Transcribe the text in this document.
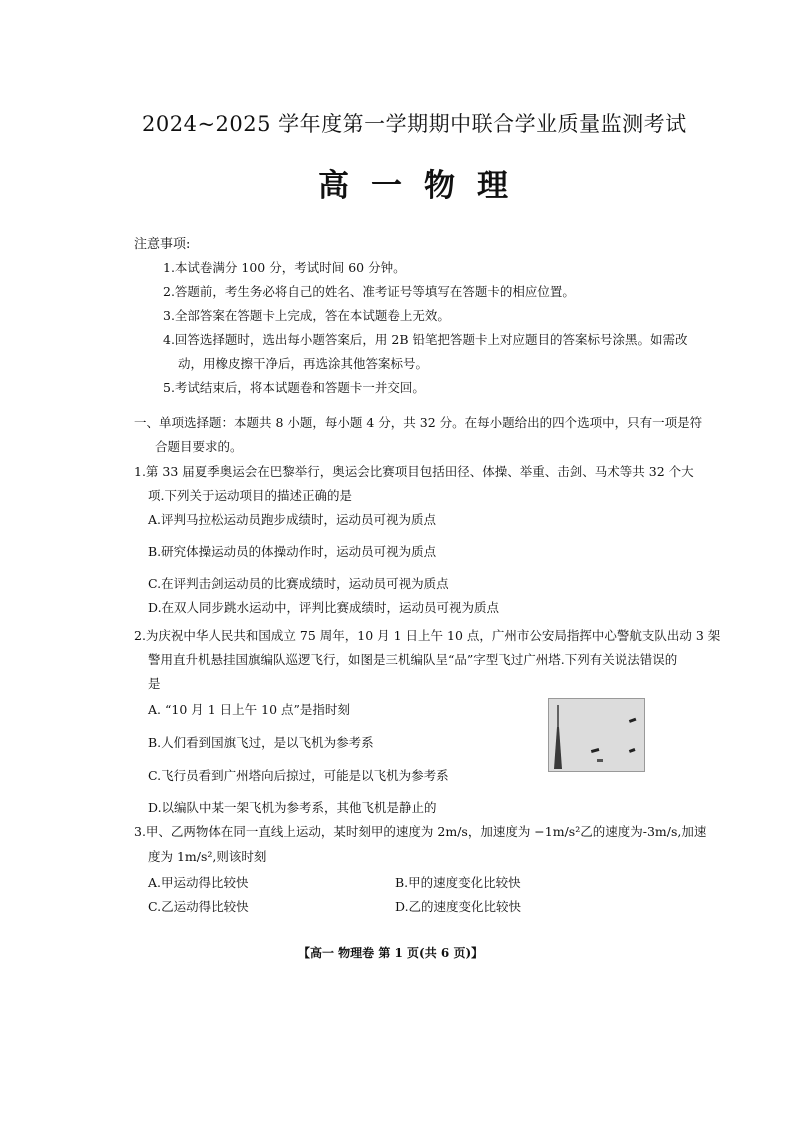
2024~2025 学年度第一学期期中联合学业质量监测考试
高一物理
注意事项:
1.本试卷满分 100 分，考试时间 60 分钟。
2.答题前，考生务必将自己的姓名、准考证号等填写在答题卡的相应位置。
3.全部答案在答题卡上完成，答在本试题卷上无效。
4.回答选择题时，选出每小题答案后，用 2B 铅笔把答题卡上对应题目的答案标号涂黑。如需改
动，用橡皮擦干净后，再选涂其他答案标号。
5.考试结束后，将本试题卷和答题卡一并交回。
一、单项选择题：本题共 8 小题，每小题 4 分，共 32 分。在每小题给出的四个选项中，只有一项是符
合题目要求的。
1.第 33 届夏季奥运会在巴黎举行，奥运会比赛项目包括田径、体操、举重、击剑、马术等共 32 个大
项.下列关于运动项目的描述正确的是
A.评判马拉松运动员跑步成绩时，运动员可视为质点
B.研究体操运动员的体操动作时，运动员可视为质点
C.在评判击剑运动员的比赛成绩时，运动员可视为质点
D.在双人同步跳水运动中，评判比赛成绩时，运动员可视为质点
2.为庆祝中华人民共和国成立 75 周年，10 月 1 日上午 10 点，广州市公安局指挥中心警航支队出动 3 架
警用直升机悬挂国旗编队巡逻飞行，如图是三机编队呈“品”字型飞过广州塔.下列有关说法错误的
是
A. “10 月 1 日上午 10 点”是指时刻
B.人们看到国旗飞过，是以飞机为参考系
C.飞行员看到广州塔向后掠过，可能是以飞机为参考系
D.以编队中某一架飞机为参考系，其他飞机是静止的
3.甲、乙两物体在同一直线上运动，某时刻甲的速度为 2m/s，加速度为 −1m/s²乙的速度为-3m/s,加速
度为 1m/s²,则该时刻
A.甲运动得比较快	B.甲的速度变化比较快
C.乙运动得比较快	D.乙的速度变化比较快
【高一 物理卷 第 1 页(共 6 页)】
